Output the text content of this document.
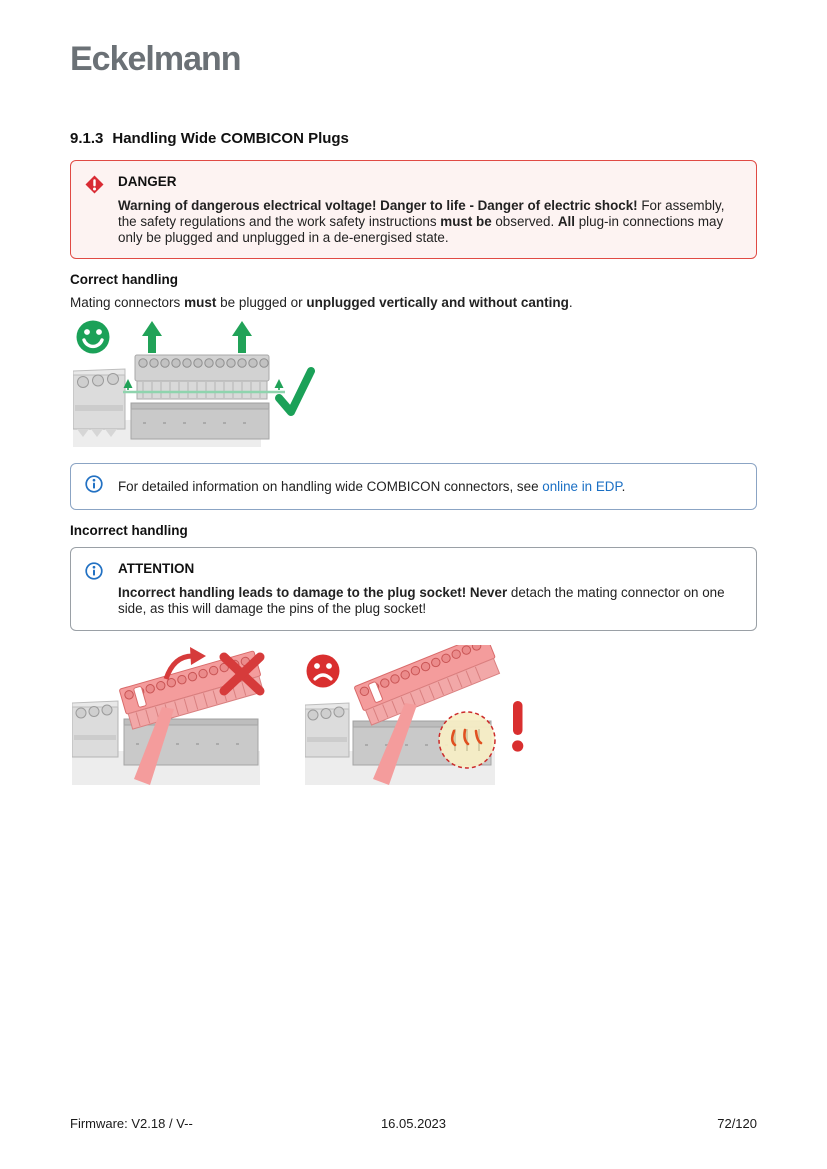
Eckelmann
9.1.3 Handling Wide COMBICON Plugs
DANGER
Warning of dangerous electrical voltage! Danger to life - Danger of electric shock! For assembly, the safety regulations and the work safety instructions must be observed. All plug-in connections may only be plugged and unplugged in a de-energised state.
Correct handling
Mating connectors must be plugged or unplugged vertically and without canting.
For detailed information on handling wide COMBICON connectors, see online in EDP.
Incorrect handling
ATTENTION
Incorrect handling leads to damage to the plug socket! Never detach the mating connector on one side, as this will damage the pins of the plug socket!
Firmware: V2.18 / V--	16.05.2023	72/120
